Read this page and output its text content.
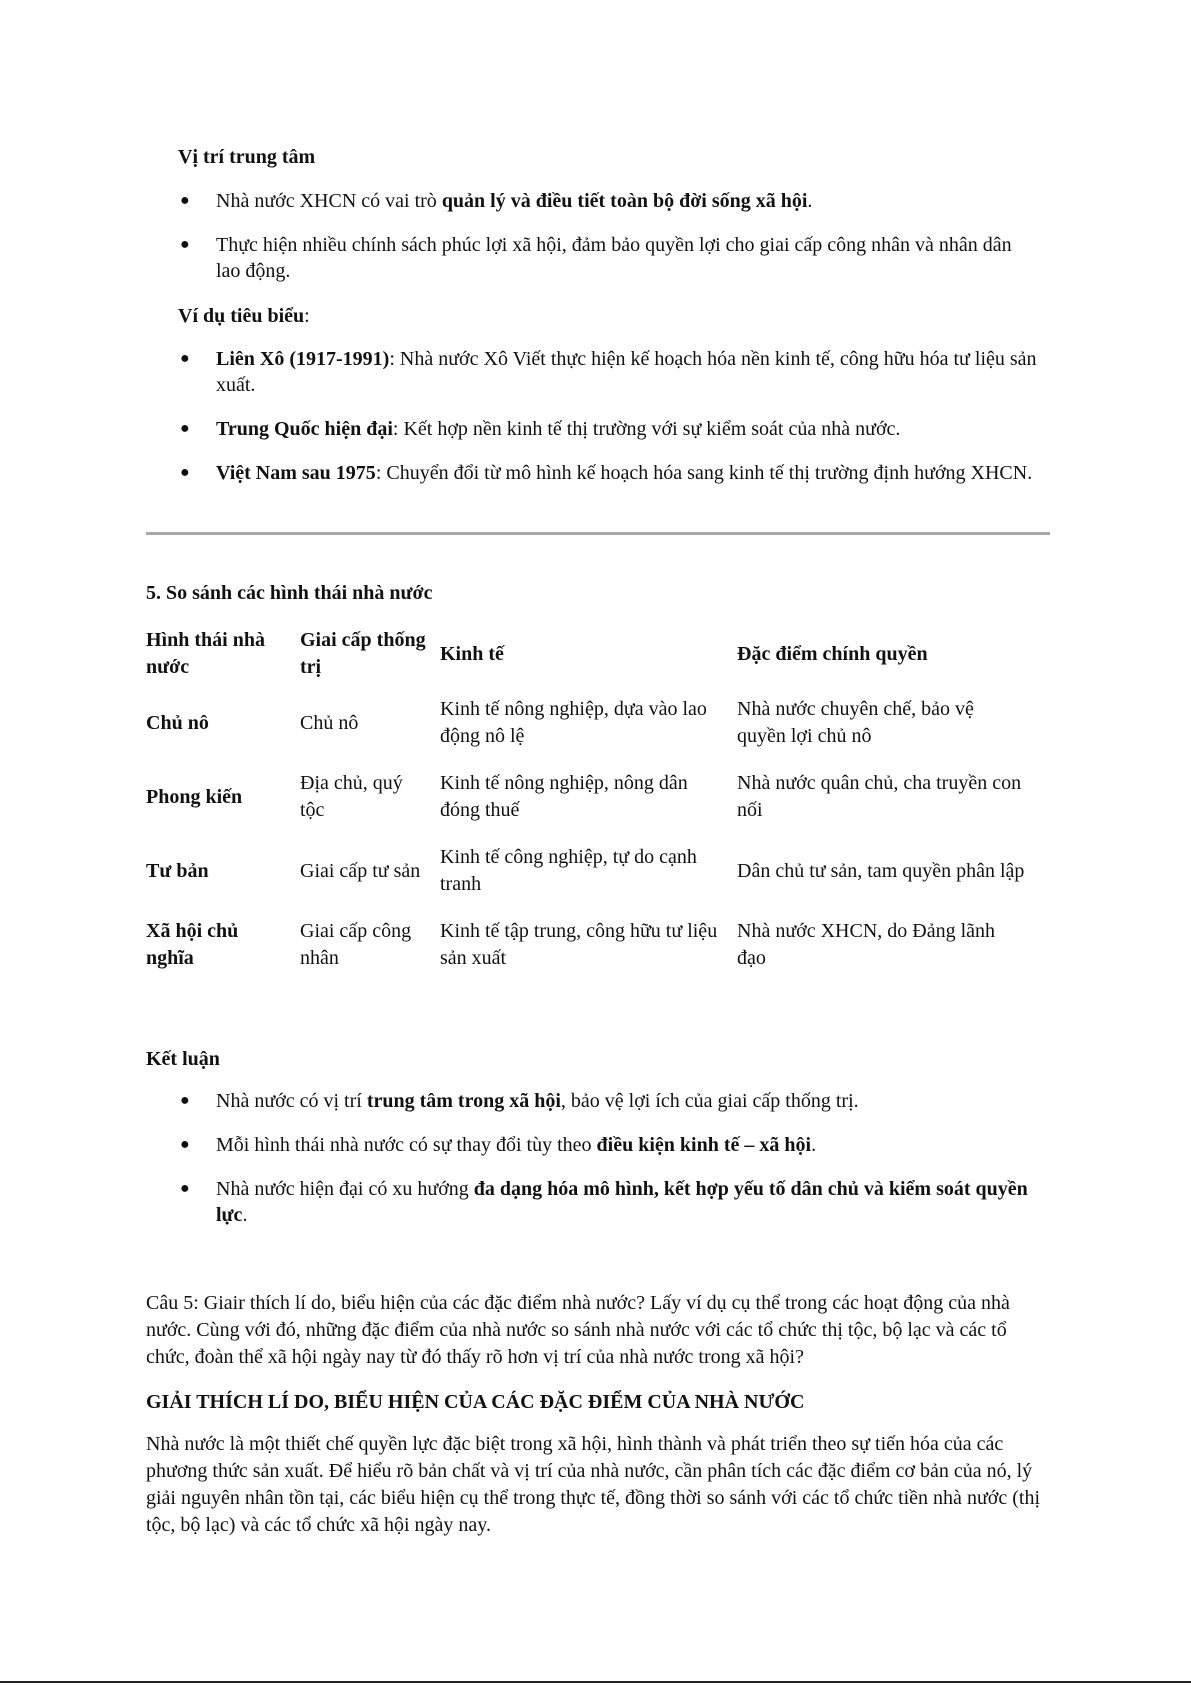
Vị trí trung tâm
●	Nhà nước XHCN có vai trò quản lý và điều tiết toàn bộ đời sống xã hội.
●	Thực hiện nhiều chính sách phúc lợi xã hội, đảm bảo quyền lợi cho giai cấp công nhân và nhân dân lao động.
Ví dụ tiêu biểu:
●	Liên Xô (1917-1991): Nhà nước Xô Viết thực hiện kế hoạch hóa nền kinh tế, công hữu hóa tư liệu sản xuất.
●	Trung Quốc hiện đại: Kết hợp nền kinh tế thị trường với sự kiểm soát của nhà nước.
●	Việt Nam sau 1975: Chuyển đổi từ mô hình kế hoạch hóa sang kinh tế thị trường định hướng XHCN.
5. So sánh các hình thái nhà nước
Hình thái nhà nước	Giai cấp thống trị	Kinh tế	Đặc điểm chính quyền
Chủ nô	Chủ nô	Kinh tế nông nghiệp, dựa vào lao động nô lệ	Nhà nước chuyên chế, bảo vệ quyền lợi chủ nô
Phong kiến	Địa chủ, quý tộc	Kinh tế nông nghiệp, nông dân đóng thuế	Nhà nước quân chủ, cha truyền con nối
Tư bản	Giai cấp tư sản	Kinh tế công nghiệp, tự do cạnh tranh	Dân chủ tư sản, tam quyền phân lập
Xã hội chủ nghĩa	Giai cấp công nhân	Kinh tế tập trung, công hữu tư liệu sản xuất	Nhà nước XHCN, do Đảng lãnh đạo
Kết luận
●	Nhà nước có vị trí trung tâm trong xã hội, bảo vệ lợi ích của giai cấp thống trị.
●	Mỗi hình thái nhà nước có sự thay đổi tùy theo điều kiện kinh tế – xã hội.
●	Nhà nước hiện đại có xu hướng đa dạng hóa mô hình, kết hợp yếu tố dân chủ và kiểm soát quyền lực.
Câu 5: Giair thích lí do, biểu hiện của các đặc điểm nhà nước? Lấy ví dụ cụ thể trong các hoạt động của nhà nước. Cùng với đó, những đặc điểm của nhà nước so sánh nhà nước với các tổ chức thị tộc, bộ lạc và các tổ chức, đoàn thể xã hội ngày nay từ đó thấy rõ hơn vị trí của nhà nước trong xã hội?
GIẢI THÍCH LÍ DO, BIỂU HIỆN CỦA CÁC ĐẶC ĐIỂM CỦA NHÀ NƯỚC
Nhà nước là một thiết chế quyền lực đặc biệt trong xã hội, hình thành và phát triển theo sự tiến hóa của các phương thức sản xuất. Để hiểu rõ bản chất và vị trí của nhà nước, cần phân tích các đặc điểm cơ bản của nó, lý giải nguyên nhân tồn tại, các biểu hiện cụ thể trong thực tế, đồng thời so sánh với các tổ chức tiền nhà nước (thị tộc, bộ lạc) và các tổ chức xã hội ngày nay.
